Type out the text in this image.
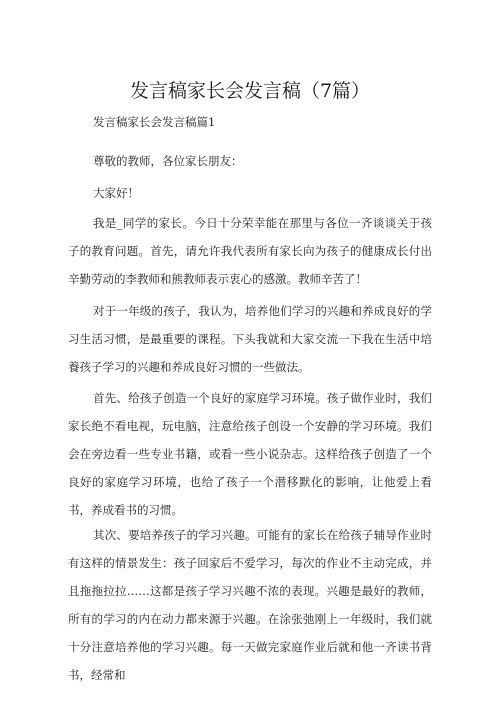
发言稿家长会发言稿（7篇）
发言稿家长会发言稿篇1

尊敬的教师，各位家长朋友：

大家好！

我是_同学的家长。今日十分荣幸能在那里与各位一齐谈谈关于孩子的教育问题。首先，请允许我代表所有家长向为孩子的健康成长付出辛勤劳动的李教师和熊教师表示衷心的感激。教师辛苦了！

对于一年级的孩子，我认为，培养他们学习的兴趣和养成良好的学习生活习惯，是最重要的课程。下头我就和大家交流一下我在生活中培養孩子学习的兴趣和养成良好习惯的一些做法。

首先、给孩子创造一个良好的家庭学习环境。孩子做作业时，我们家长绝不看电视，玩电脑，注意给孩子创设一个安静的学习环境。我们会在旁边看一些专业书籍，或看一些小说杂志。这样给孩子创造了一个良好的家庭学习环境，也给了孩子一个潜移默化的影响，让他爱上看书，养成看书的习惯。

其次、要培养孩子的学习兴趣。可能有的家长在给孩子辅导作业时有这样的情景发生：孩子回家后不爱学习，每次的作业不主动完成，并且拖拖拉拉……这都是孩子学习兴趣不浓的表现。兴趣是最好的教师，所有的学习的内在动力都来源于兴趣。在涂张弛刚上一年级时，我们就十分注意培养他的学习兴趣。每一天做完家庭作业后就和他一齐读书背书，经常和
